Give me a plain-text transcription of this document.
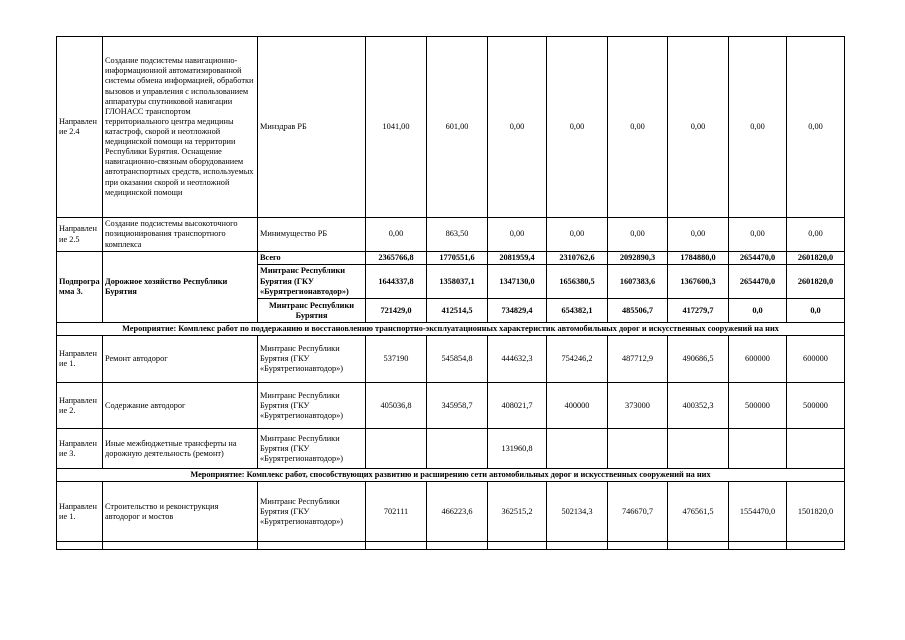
Направление 2.4	Создание подсистемы навигационно-информационной автоматизированной системы обмена информацией, обработки вызовов и управления с использованием аппаратуры спутниковой навигации ГЛОНАСС транспортом территориального центра медицины катастроф, скорой и неотложной медицинской помощи на территории Республики Бурятия. Оснащение навигационно-связным оборудованием автотранспортных средств, используемых при оказании скорой и неотложной медицинской помощи	Минздрав РБ	1041,00	601,00	0,00	0,00	0,00	0,00	0,00	0,00
Направление 2.5	Создание подсистемы высокоточного позиционирования транспортного комплекса	Минимущество РБ	0,00	863,50	0,00	0,00	0,00	0,00	0,00	0,00
Подпрограмма 3.	Дорожное хозяйство Республики Бурятия	Всего	2365766,8	1770551,6	2081959,4	2310762,6	2092890,3	1784880,0	2654470,0	2601820,0
		Минтранс Республики Бурятия (ГКУ «Бурятрегионавтодор»)	1644337,8	1358037,1	1347130,0	1656380,5	1607383,6	1367600,3	2654470,0	2601820,0
		Минтранс Республики Бурятия	721429,0	412514,5	734829,4	654382,1	485506,7	417279,7	0,0	0,0
Мероприятие: Комплекс работ по поддержанию и восстановлению транспортно-эксплуатационных характеристик автомобильных дорог и искусственных сооружений на них										
Направление 1.	Ремонт автодорог	Минтранс Республики Бурятия (ГКУ «Бурятрегионавтодор»)	537190	545854,8	444632,3	754246,2	487712,9	490686,5	600000	600000
Направление 2.	Содержание автодорог	Минтранс Республики Бурятия (ГКУ «Бурятрегионавтодор»)	405036,8	345958,7	408021,7	400000	373000	400352,3	500000	500000
Направление 3.	Иные межбюджетные трансферты на дорожную деятельность (ремонт)	Минтранс Республики Бурятия (ГКУ «Бурятрегионавтодор»)			131960,8					
Мероприятие: Комплекс работ, способствующих развитию и расширению сети автомобильных дорог и искусственных сооружений на них										
Направление 1.	Строительство и реконструкция автодорог и мостов	Минтранс Республики Бурятия (ГКУ «Бурятрегионавтодор»)	702111	466223,6	362515,2	502134,3	746670,7	476561,5	1554470,0	1501820,0
